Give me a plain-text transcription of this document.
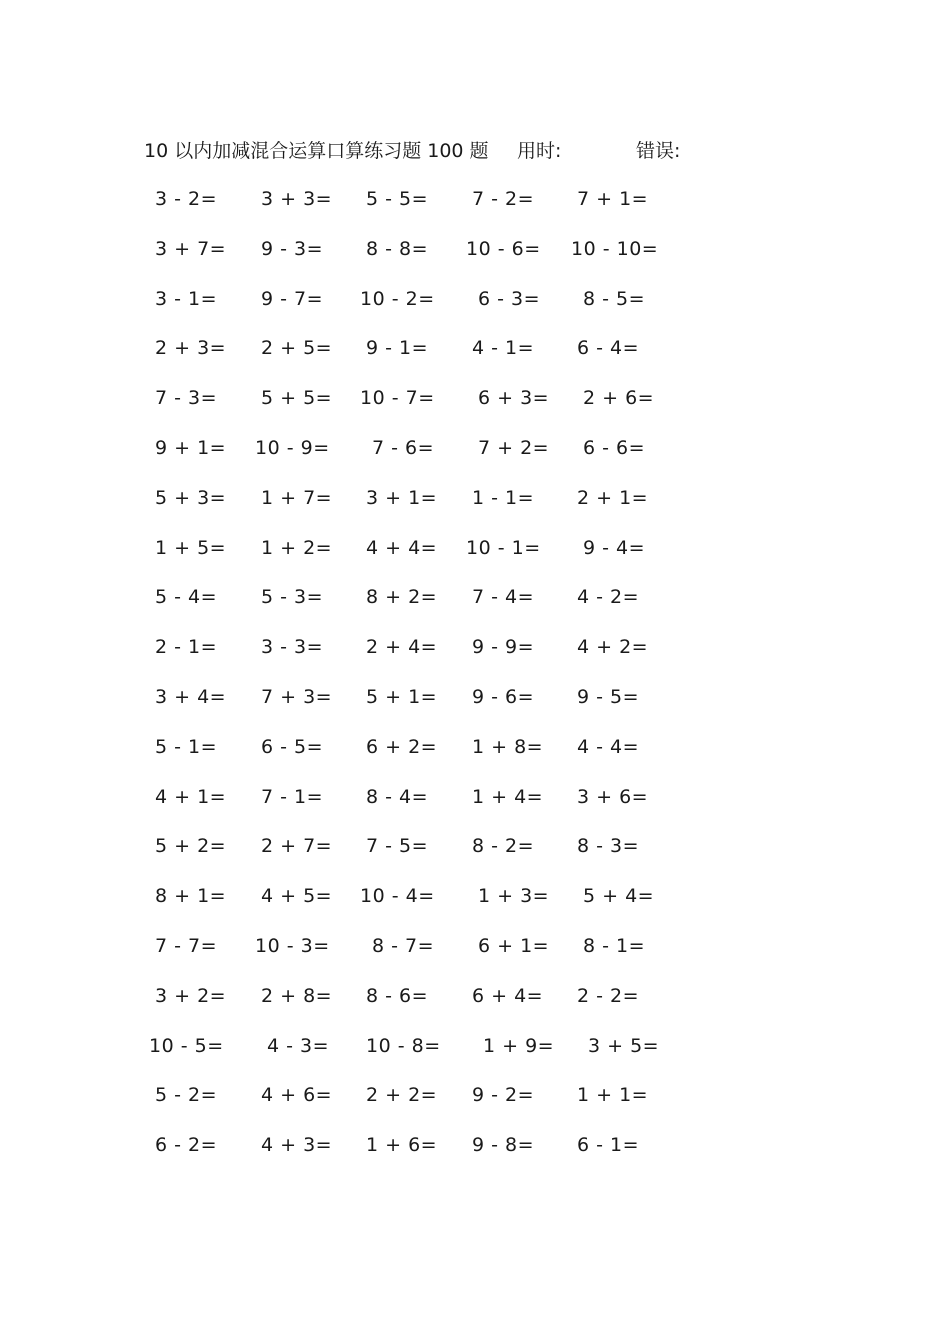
10 以内加减混合运算口算练习题 100 题 用时:	错误:
3 - 2= 3 + 3= 5 - 5= 7 - 2= 7 + 1=
3 + 7= 9 - 3= 8 - 8= 10 - 6= 10 - 10=
3 - 1= 9 - 7= 10 - 2= 6 - 3= 8 - 5=
2 + 3= 2 + 5= 9 - 1= 4 - 1= 6 - 4=
7 - 3= 5 + 5= 10 - 7= 6 + 3= 2 + 6=
9 + 1= 10 - 9= 7 - 6= 7 + 2= 6 - 6=
5 + 3= 1 + 7= 3 + 1= 1 - 1= 2 + 1=
1 + 5= 1 + 2= 4 + 4= 10 - 1= 9 - 4=
5 - 4= 5 - 3= 8 + 2= 7 - 4= 4 - 2=
2 - 1= 3 - 3= 2 + 4= 9 - 9= 4 + 2=
3 + 4= 7 + 3= 5 + 1= 9 - 6= 9 - 5=
5 - 1= 6 - 5= 6 + 2= 1 + 8= 4 - 4=
4 + 1= 7 - 1= 8 - 4= 1 + 4= 3 + 6=
5 + 2= 2 + 7= 7 - 5= 8 - 2= 8 - 3=
8 + 1= 4 + 5= 10 - 4= 1 + 3= 5 + 4=
7 - 7= 10 - 3= 8 - 7= 6 + 1= 8 - 1=
3 + 2= 2 + 8= 8 - 6= 6 + 4= 2 - 2=
10 - 5= 4 - 3= 10 - 8= 1 + 9= 3 + 5=
5 - 2= 4 + 6= 2 + 2= 9 - 2= 1 + 1=
6 - 2= 4 + 3= 1 + 6= 9 - 8= 6 - 1=
